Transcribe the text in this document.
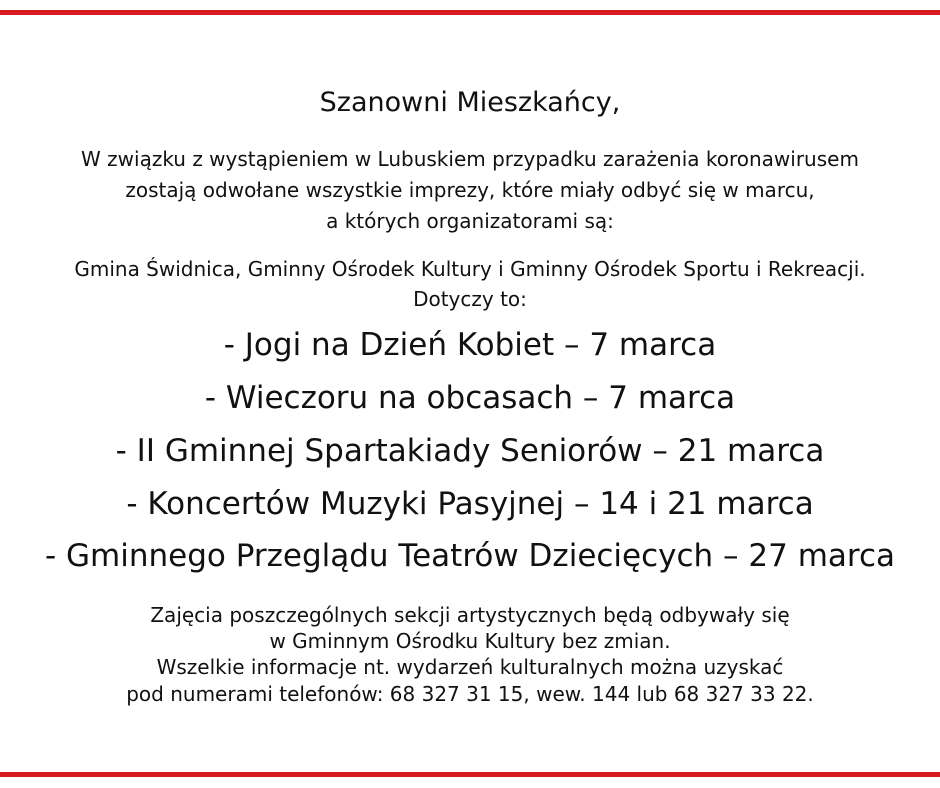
Szanowni Mieszkańcy,
W związku z wystąpieniem w Lubuskiem przypadku zarażenia koronawirusem
zostają odwołane wszystkie imprezy, które miały odbyć się w marcu,
a których organizatorami są:
Gmina Świdnica, Gminny Ośrodek Kultury i Gminny Ośrodek Sportu i Rekreacji.
Dotyczy to:
- Jogi na Dzień Kobiet – 7 marca
- Wieczoru na obcasach – 7 marca
- II Gminnej Spartakiady Seniorów – 21 marca
- Koncertów Muzyki Pasyjnej – 14 i 21 marca
- Gminnego Przeglądu Teatrów Dziecięcych – 27 marca
Zajęcia poszczególnych sekcji artystycznych będą odbywały się
w Gminnym Ośrodku Kultury bez zmian.
Wszelkie informacje nt. wydarzeń kulturalnych można uzyskać
pod numerami telefonów: 68 327 31 15, wew. 144 lub 68 327 33 22.
